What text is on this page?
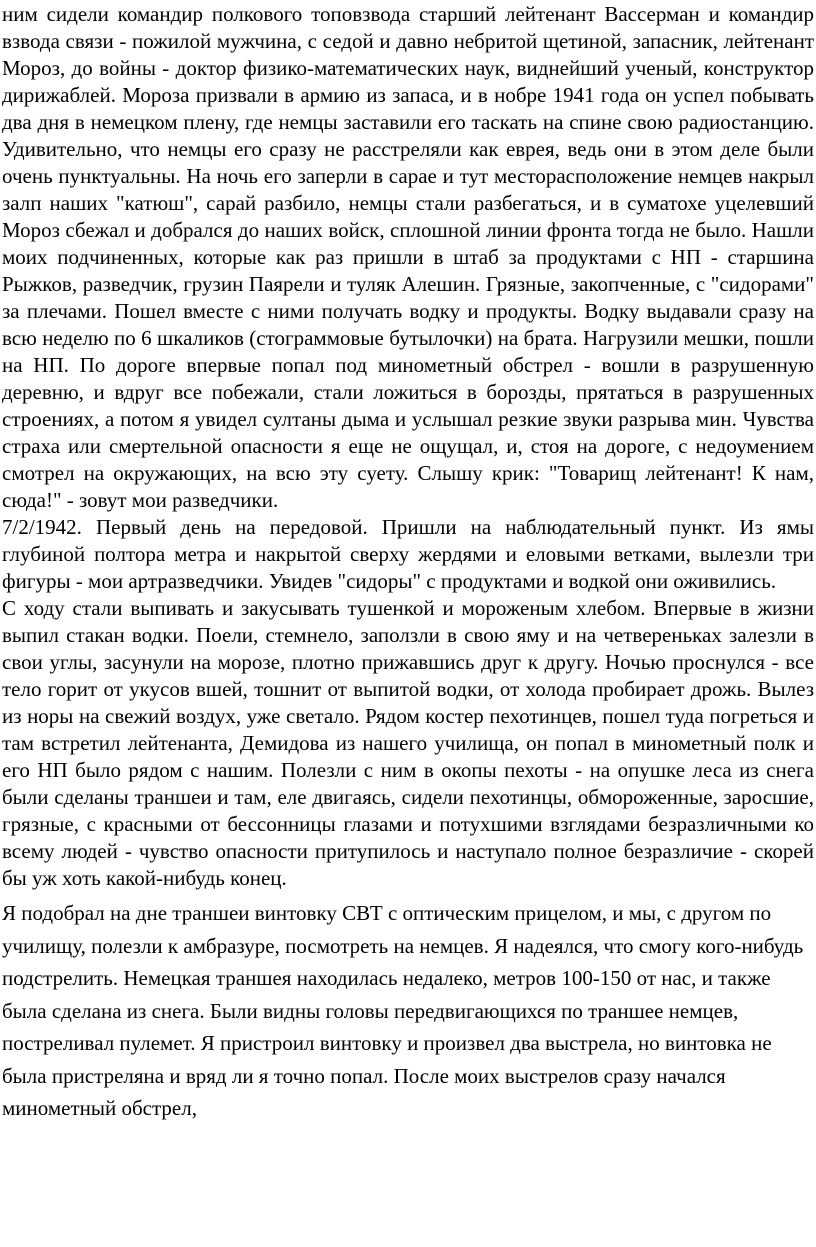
ним сидели командир полкового топовзвода старший лейтенант Вассерман и командир взвода связи - пожилой мужчина, с седой и давно небритой щетиной, запасник, лейтенант Мороз, до войны - доктор физико-математических наук, виднейший ученый, конструктор дирижаблей. Мороза призвали в армию из запаса, и в нобре 1941 года он успел побывать два дня в немецком плену, где немцы заставили его таскать на спине свою радиостанцию. Удивительно, что немцы его сразу не расстреляли как еврея, ведь они в этом деле были очень пунктуальны. На ночь его заперли в сарае и тут месторасположение немцев накрыл залп наших "катюш", сарай разбило, немцы стали разбегаться, и в суматохе уцелевший Мороз сбежал и добрался до наших войск, сплошной линии фронта тогда не было. Нашли моих подчиненных, которые как раз пришли в штаб за продуктами с НП - старшина Рыжков, разведчик, грузин Паярели и туляк Алешин. Грязные, закопченные, с "сидорами" за плечами. Пошел вместе с ними получать водку и продукты. Водку выдавали сразу на всю неделю по 6 шкаликов (стограммовые бутылочки) на брата. Нагрузили мешки, пошли на НП. По дороге впервые попал под минометный обстрел - вошли в разрушенную деревню, и вдруг все побежали, стали ложиться в борозды, прятаться в разрушенных строениях, а потом я увидел султаны дыма и услышал резкие звуки разрыва мин. Чувства страха или смертельной опасности я еще не ощущал, и, стоя на дороге, с недоумением смотрел на окружающих, на всю эту суету. Слышу крик: "Товарищ лейтенант! К нам, сюда!" - зовут мои разведчики.

7/2/1942. Первый день на передовой. Пришли на наблюдательный пункт. Из ямы глубиной полтора метра и накрытой сверху жердями и еловыми ветками, вылезли три фигуры - мои артразведчики. Увидев "сидоры" с продуктами и водкой они оживились.

С ходу стали выпивать и закусывать тушенкой и мороженым хлебом. Впервые в жизни выпил стакан водки. Поели, стемнело, заползли в свою яму и на четвереньках залезли в свои углы, засунули на морозе, плотно прижавшись друг к другу. Ночью проснулся - все тело горит от укусов вшей, тошнит от выпитой водки, от холода пробирает дрожь. Вылез из норы на свежий воздух, уже светало. Рядом костер пехотинцев, пошел туда погреться и там встретил лейтенанта, Демидова из нашего училища, он попал в минометный полк и его НП было рядом с нашим. Полезли с ним в окопы пехоты - на опушке леса из снега были сделаны траншеи и там, еле двигаясь, сидели пехотинцы, обмороженные, заросшие, грязные, с красными от бессонницы глазами и потухшими взглядами безразличными ко всему людей - чувство опасности притупилось и наступало полное безразличие - скорей бы уж хоть какой-нибудь конец.

Я подобрал на дне траншеи винтовку СВТ с оптическим прицелом, и мы, с другом по училищу, полезли к амбразуре, посмотреть на немцев. Я надеялся, что смогу кого-нибудь подстрелить. Немецкая траншея находилась недалеко, метров 100-150 от нас, и также была сделана из снега. Были видны головы передвигающихся по траншее немцев, постреливал пулемет. Я пристроил винтовку и произвел два выстрела, но винтовка не была пристреляна и вряд ли я точно попал. После моих выстрелов сразу начался минометный обстрел,
